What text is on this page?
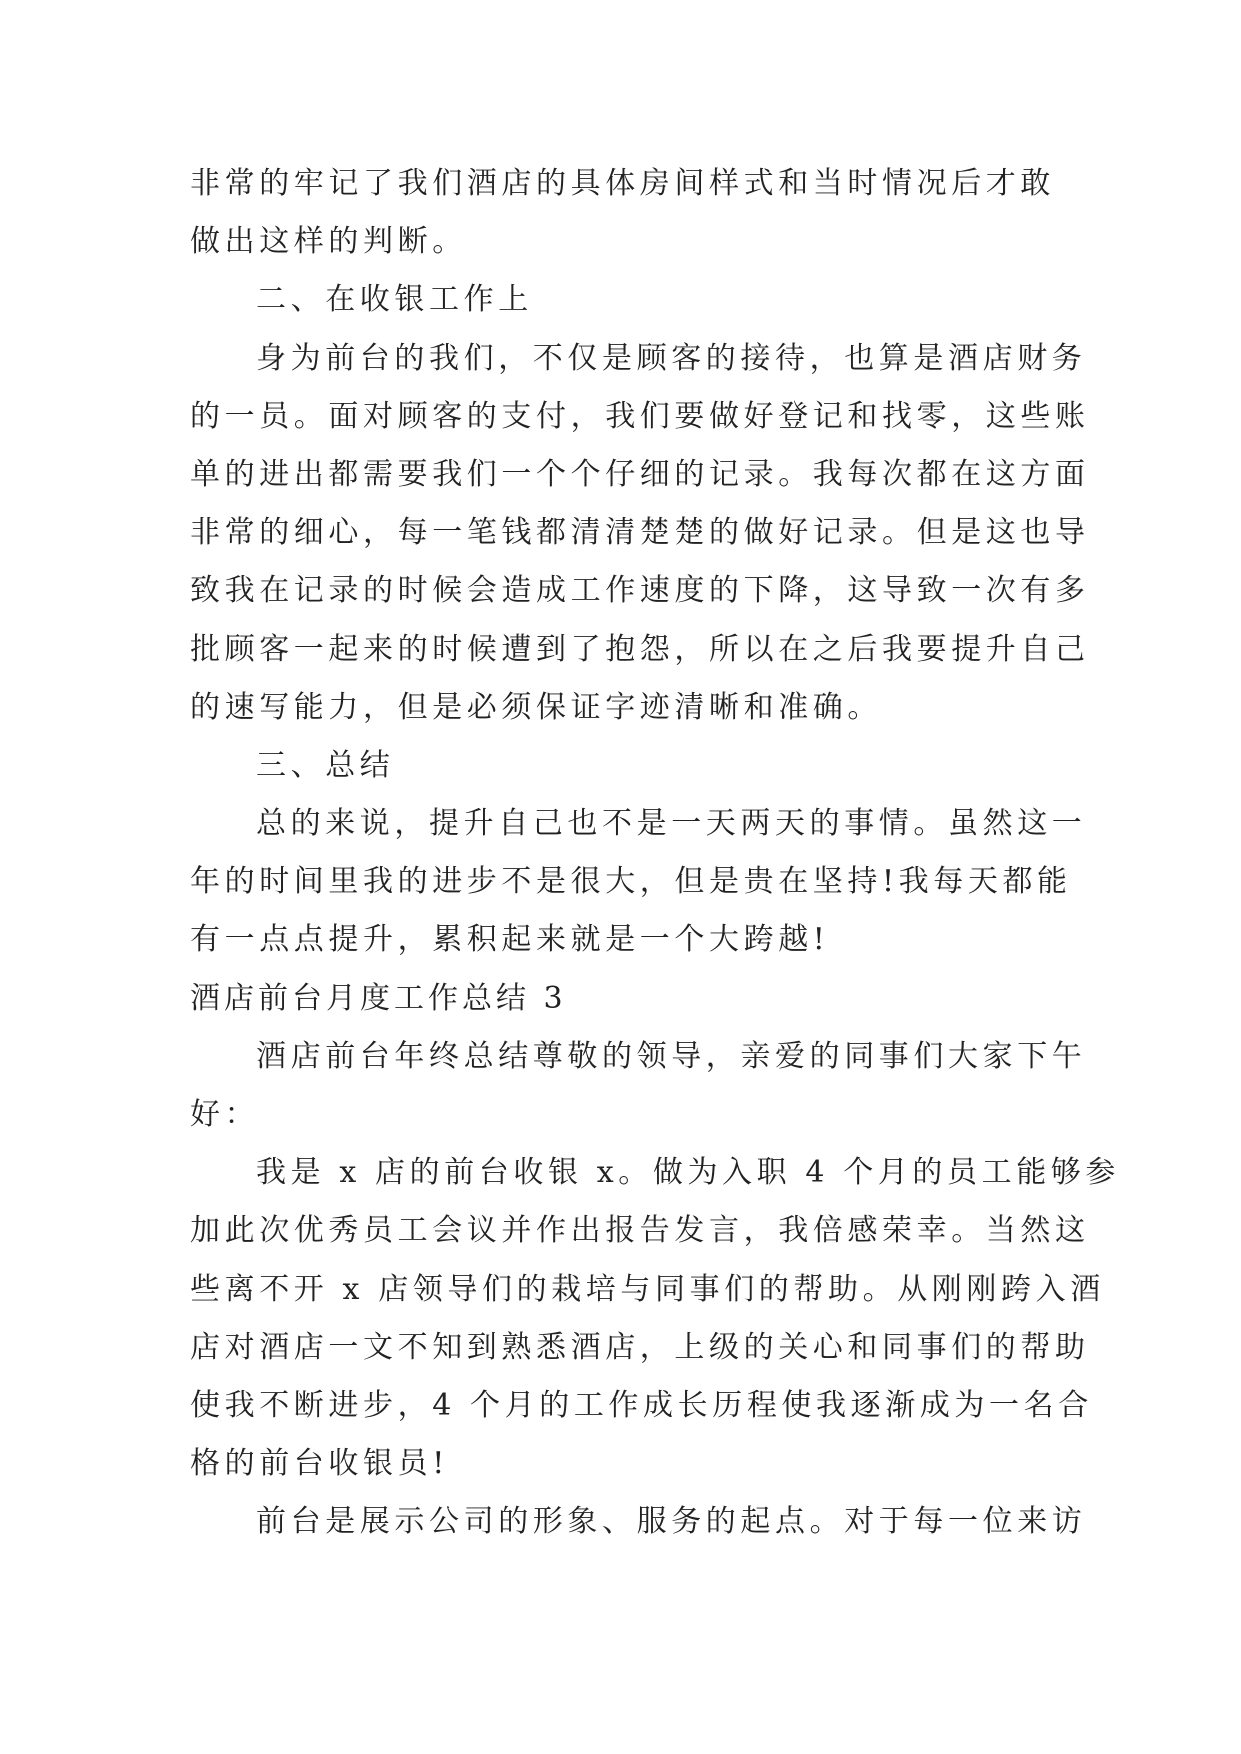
非常的牢记了我们酒店的具体房间样式和当时情况后才敢
做出这样的判断。
二、在收银工作上
身为前台的我们，不仅是顾客的接待，也算是酒店财务
的一员。面对顾客的支付，我们要做好登记和找零，这些账
单的进出都需要我们一个个仔细的记录。我每次都在这方面
非常的细心，每一笔钱都清清楚楚的做好记录。但是这也导
致我在记录的时候会造成工作速度的下降，这导致一次有多
批顾客一起来的时候遭到了抱怨，所以在之后我要提升自己
的速写能力，但是必须保证字迹清晰和准确。
三、总结
总的来说，提升自己也不是一天两天的事情。虽然这一
年的时间里我的进步不是很大，但是贵在坚持!我每天都能
有一点点提升，累积起来就是一个大跨越!
酒店前台月度工作总结 3
酒店前台年终总结尊敬的领导，亲爱的同事们大家下午
好：
我是 x 店的前台收银 x。做为入职 4 个月的员工能够参
加此次优秀员工会议并作出报告发言，我倍感荣幸。当然这
些离不开 x 店领导们的栽培与同事们的帮助。从刚刚跨入酒
店对酒店一文不知到熟悉酒店，上级的关心和同事们的帮助
使我不断进步，4 个月的工作成长历程使我逐渐成为一名合
格的前台收银员!
前台是展示公司的形象、服务的起点。对于每一位来访
